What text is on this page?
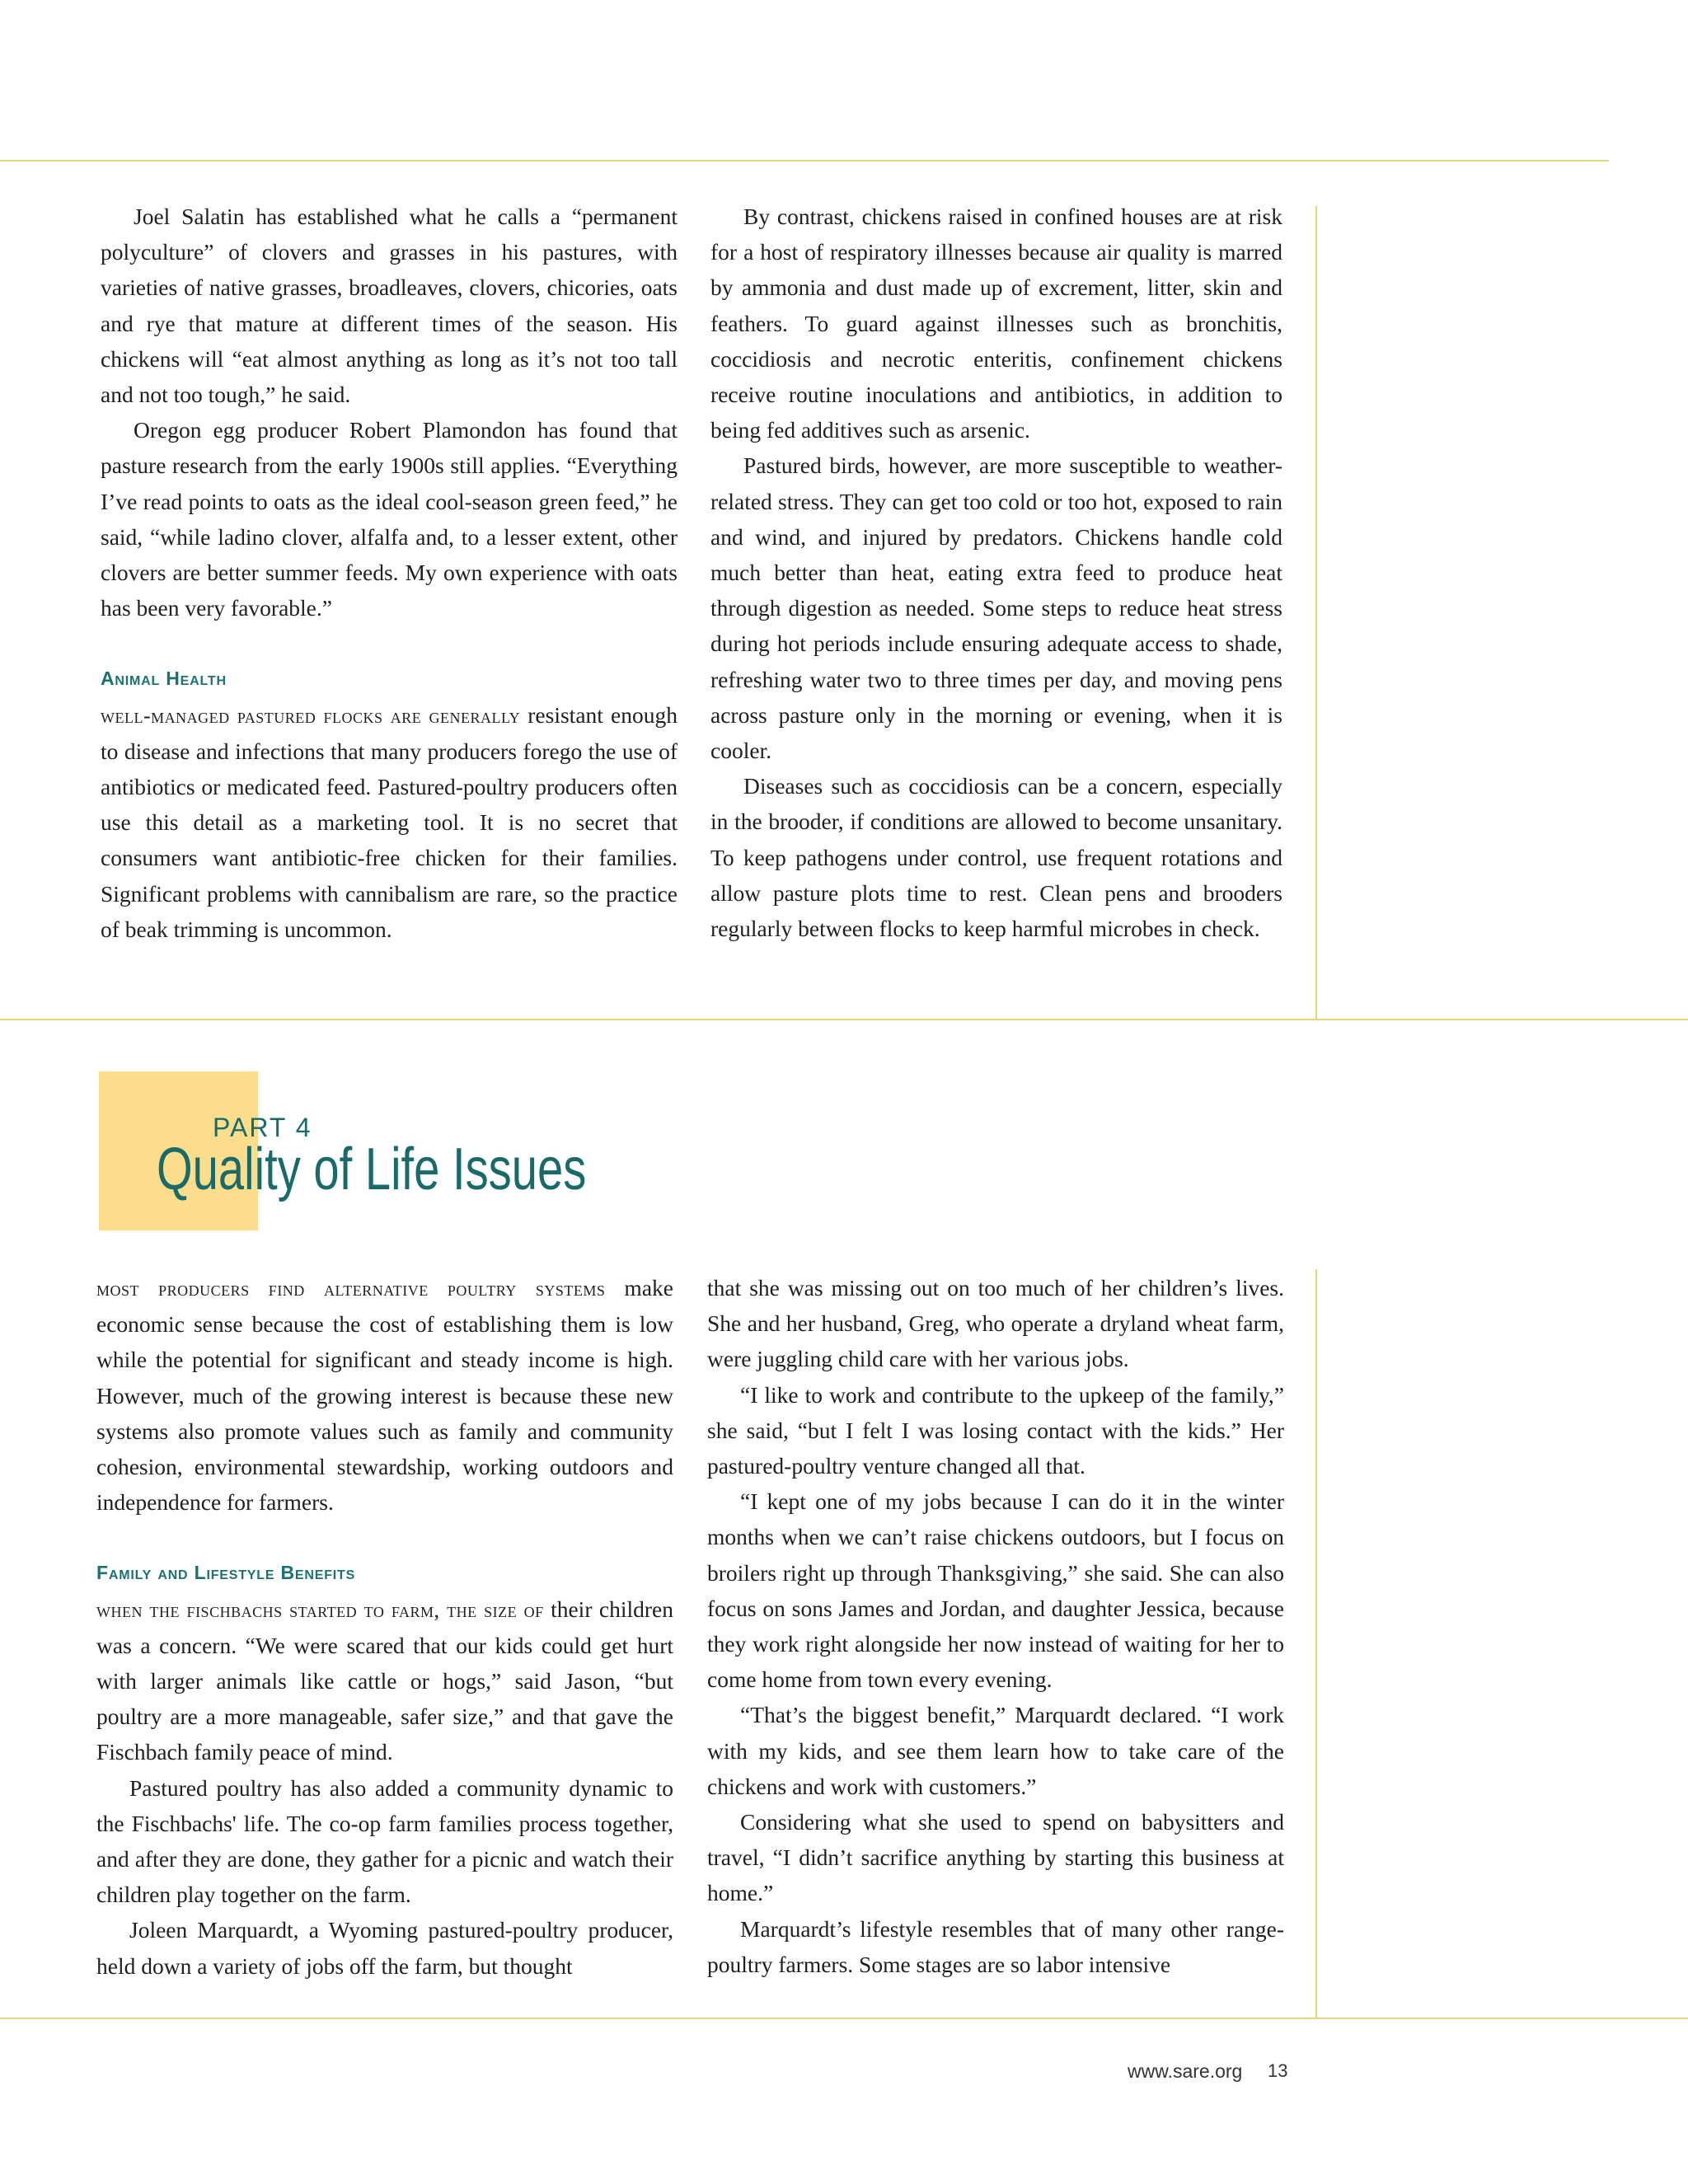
Joel Salatin has established what he calls a “permanent polyculture” of clovers and grasses in his pastures, with varieties of native grasses, broadleaves, clovers, chicories, oats and rye that mature at different times of the season. His chickens will “eat almost anything as long as it’s not too tall and not too tough,” he said.

Oregon egg producer Robert Plamondon has found that pasture research from the early 1900s still applies. “Everything I’ve read points to oats as the ideal cool-season green feed,” he said, “while ladino clover, alfalfa and, to a lesser extent, other clovers are better summer feeds. My own experience with oats has been very favorable.”

Animal Health

well-managed pastured flocks are generally resistant enough to disease and infections that many producers forego the use of antibiotics or medicated feed. Pastured-poultry producers often use this detail as a marketing tool. It is no secret that consumers want antibiotic-free chicken for their families. Significant problems with cannibalism are rare, so the practice of beak trimming is uncommon.

By contrast, chickens raised in confined houses are at risk for a host of respiratory illnesses because air quality is marred by ammonia and dust made up of excrement, litter, skin and feathers. To guard against illnesses such as bronchitis, coccidiosis and necrotic enteritis, confinement chickens receive routine inoculations and antibiotics, in addition to being fed additives such as arsenic.

Pastured birds, however, are more susceptible to weather-related stress. They can get too cold or too hot, exposed to rain and wind, and injured by predators. Chickens handle cold much better than heat, eating extra feed to produce heat through digestion as needed. Some steps to reduce heat stress during hot periods include ensuring adequate access to shade, refreshing water two to three times per day, and moving pens across pasture only in the morning or evening, when it is cooler.

Diseases such as coccidiosis can be a concern, especially in the brooder, if conditions are allowed to become unsanitary. To keep pathogens under control, use frequent rotations and allow pasture plots time to rest. Clean pens and brooders regularly between flocks to keep harmful microbes in check.

PART 4
Quality of Life Issues

most producers find alternative poultry systems make economic sense because the cost of establishing them is low while the potential for significant and steady income is high. However, much of the growing interest is because these new systems also promote values such as family and community cohesion, environmental stewardship, working outdoors and independence for farmers.

Family and Lifestyle Benefits

when the fischbachs started to farm, the size of their children was a concern. “We were scared that our kids could get hurt with larger animals like cattle or hogs,” said Jason, “but poultry are a more manageable, safer size,” and that gave the Fischbach family peace of mind.

Pastured poultry has also added a community dynamic to the Fischbachs' life. The co-op farm families process together, and after they are done, they gather for a picnic and watch their children play together on the farm.

Joleen Marquardt, a Wyoming pastured-poultry producer, held down a variety of jobs off the farm, but thought

that she was missing out on too much of her children’s lives. She and her husband, Greg, who operate a dryland wheat farm, were juggling child care with her various jobs.

“I like to work and contribute to the upkeep of the family,” she said, “but I felt I was losing contact with the kids.” Her pastured-poultry venture changed all that.

“I kept one of my jobs because I can do it in the winter months when we can’t raise chickens outdoors, but I focus on broilers right up through Thanksgiving,” she said. She can also focus on sons James and Jordan, and daughter Jessica, because they work right alongside her now instead of waiting for her to come home from town every evening.

“That’s the biggest benefit,” Marquardt declared. “I work with my kids, and see them learn how to take care of the chickens and work with customers.”

Considering what she used to spend on babysitters and travel, “I didn’t sacrifice anything by starting this business at home.”

Marquardt’s lifestyle resembles that of many other range-poultry farmers. Some stages are so labor intensive

www.sare.org 13
